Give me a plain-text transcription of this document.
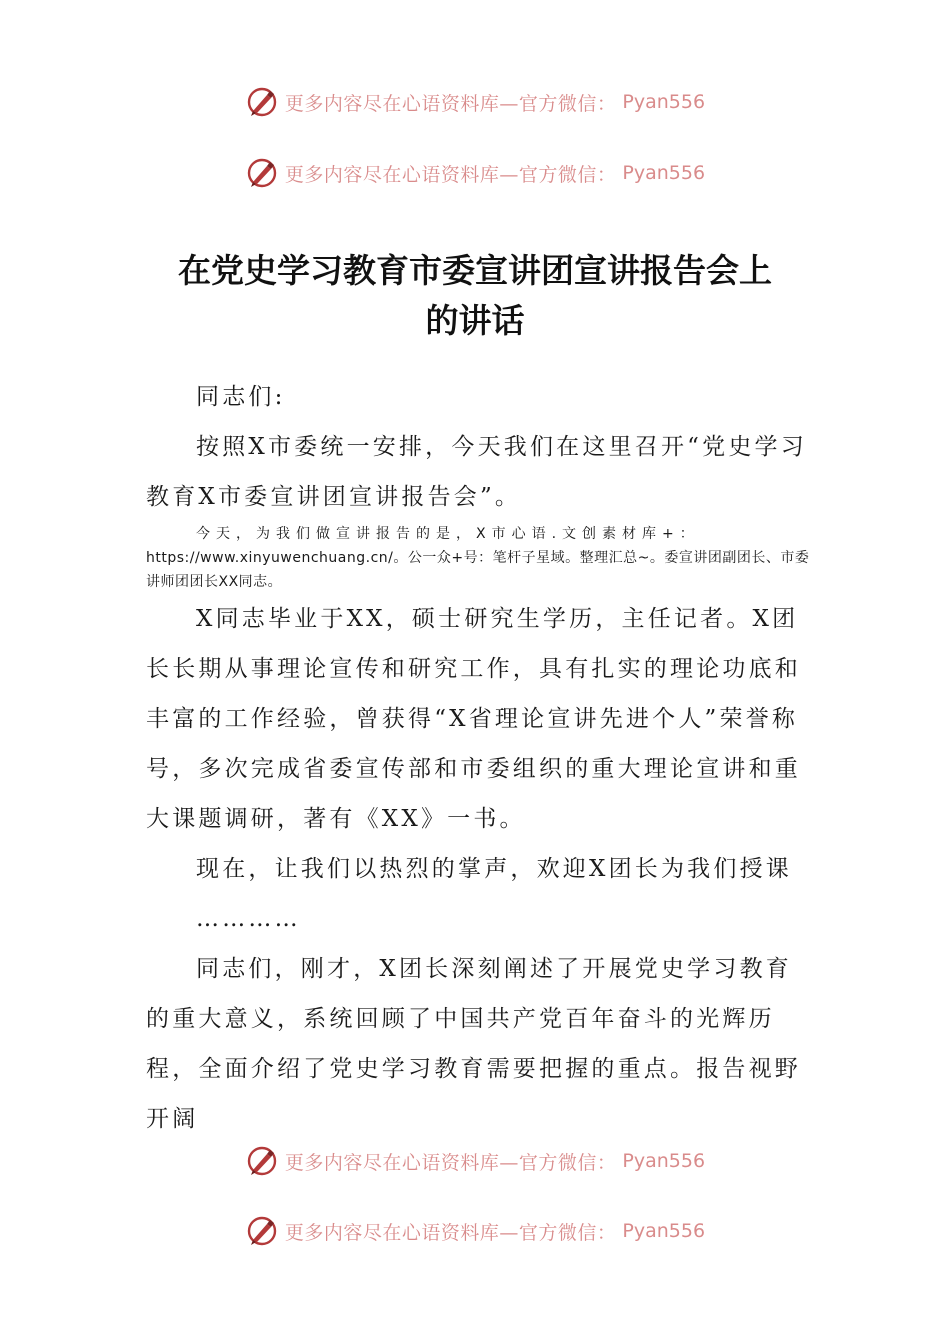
更多内容尽在心语资料库—官方微信： Pyan556
更多内容尽在心语资料库—官方微信： Pyan556
在党史学习教育市委宣讲团宣讲报告会上
的讲话

同志们:

按照X市委统一安排，今天我们在这里召开“党史学习教育X市委宣讲团宣讲报告会”。

今天，为我们做宣讲报告的是，X市心语.文创素材库+：https://www.xinyuwenchuang.cn/。公一众+号：笔杆子星域。整理汇总~。委宣讲团副团长、市委讲师团团长XX同志。

X同志毕业于XX，硕士研究生学历，主任记者。X团长长期从事理论宣传和研究工作，具有扎实的理论功底和丰富的工作经验，曾获得“X省理论宣讲先进个人”荣誉称号，多次完成省委宣传部和市委组织的重大理论宣讲和重大课题调研，著有《XX》一书。

现在，让我们以热烈的掌声，欢迎X团长为我们授课

…………

同志们，刚才，X团长深刻阐述了开展党史学习教育的重大意义，系统回顾了中国共产党百年奋斗的光辉历程，全面介绍了党史学习教育需要把握的重点。报告视野开阔

更多内容尽在心语资料库—官方微信： Pyan556
更多内容尽在心语资料库—官方微信： Pyan556
